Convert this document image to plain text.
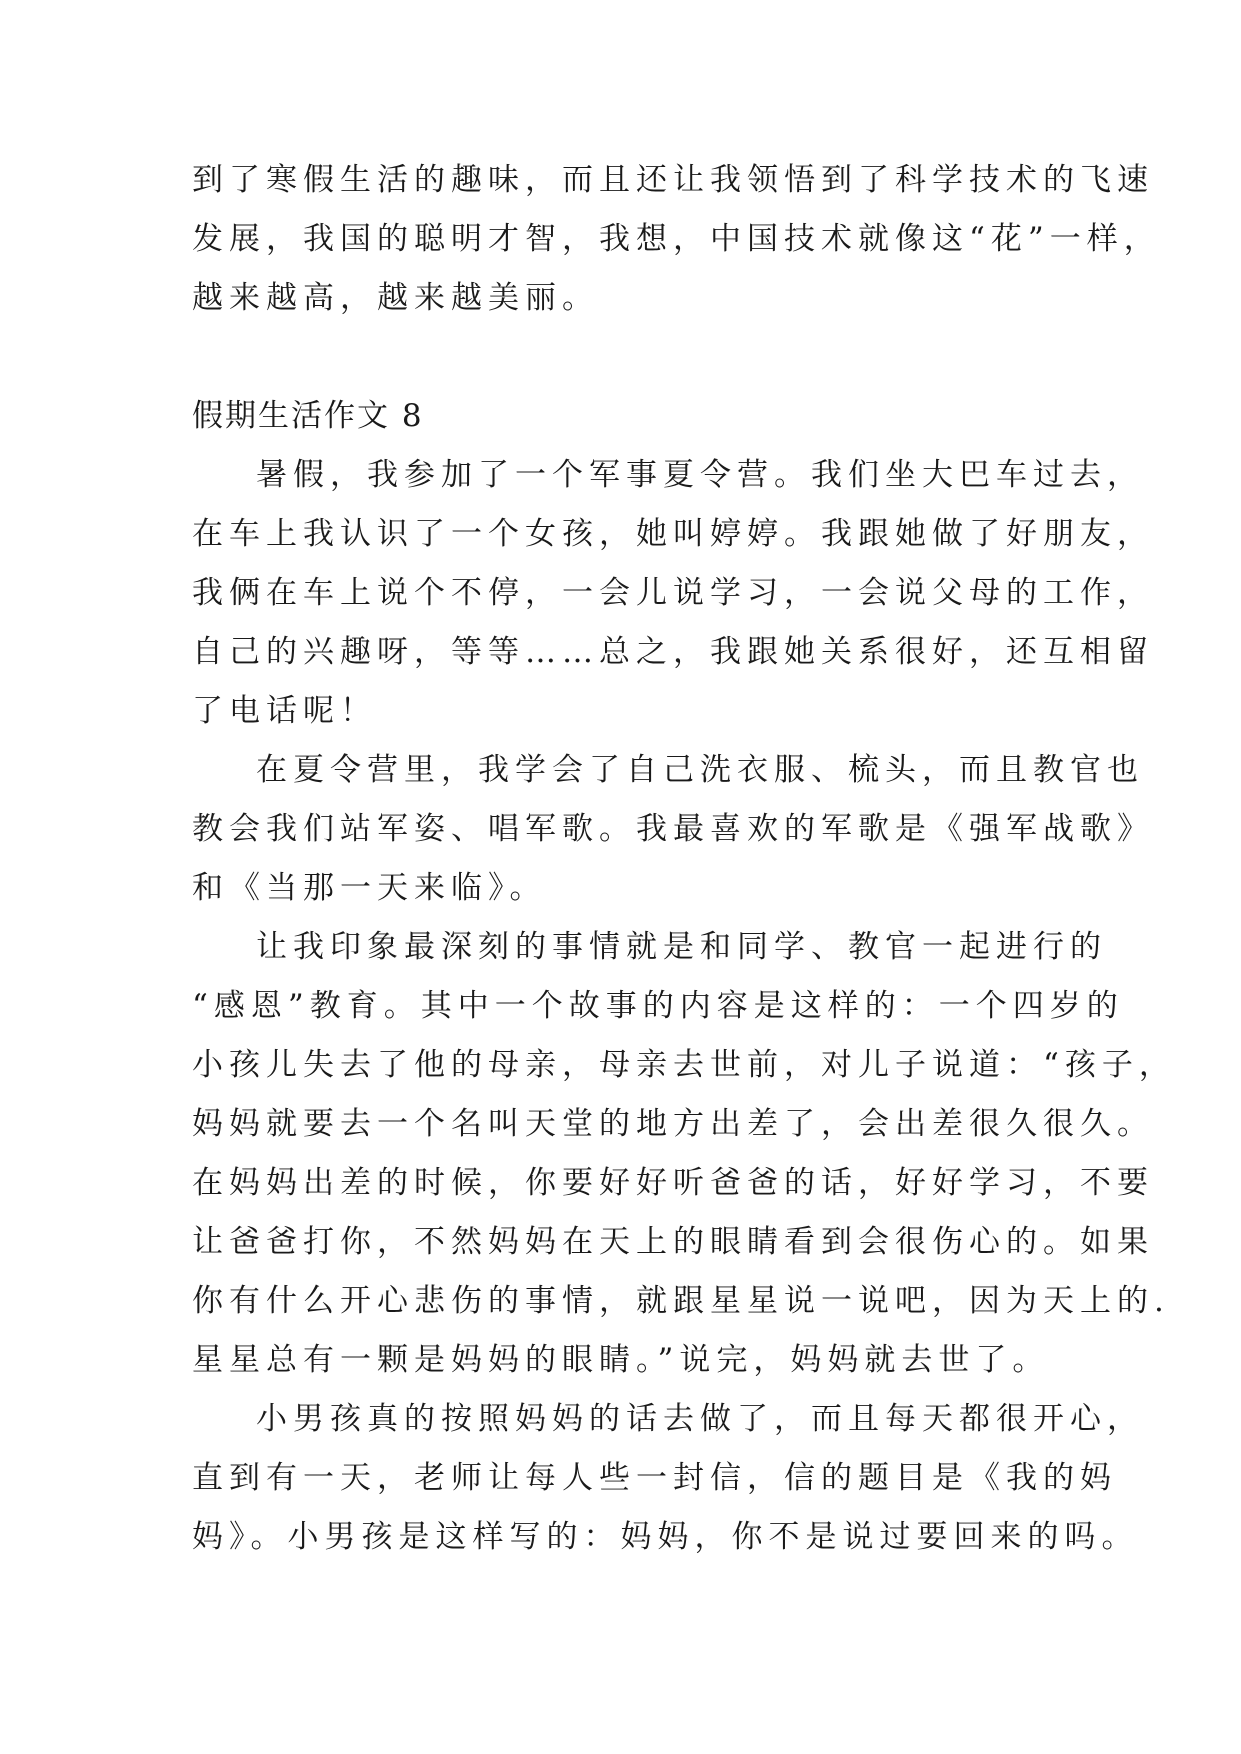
到了寒假生活的趣味，而且还让我领悟到了科学技术的飞速
发展，我国的聪明才智，我想，中国技术就像这“花”一样，
越来越高，越来越美丽。
假期生活作文 8
暑假，我参加了一个军事夏令营。我们坐大巴车过去，
在车上我认识了一个女孩，她叫婷婷。我跟她做了好朋友，
我俩在车上说个不停，一会儿说学习，一会说父母的工作，
自己的兴趣呀，等等……总之，我跟她关系很好，还互相留
了电话呢！
在夏令营里，我学会了自己洗衣服、梳头，而且教官也
教会我们站军姿、唱军歌。我最喜欢的军歌是《强军战歌》
和《当那一天来临》。
让我印象最深刻的事情就是和同学、教官一起进行的
“感恩”教育。其中一个故事的内容是这样的：一个四岁的
小孩儿失去了他的母亲，母亲去世前，对儿子说道：“孩子，
妈妈就要去一个名叫天堂的地方出差了，会出差很久很久。
在妈妈出差的时候，你要好好听爸爸的话，好好学习，不要
让爸爸打你，不然妈妈在天上的眼睛看到会很伤心的。如果
你有什么开心悲伤的事情，就跟星星说一说吧，因为天上的.
星星总有一颗是妈妈的眼睛。”说完，妈妈就去世了。
小男孩真的按照妈妈的话去做了，而且每天都很开心，
直到有一天，老师让每人些一封信，信的题目是《我的妈
妈》。小男孩是这样写的：妈妈，你不是说过要回来的吗。
